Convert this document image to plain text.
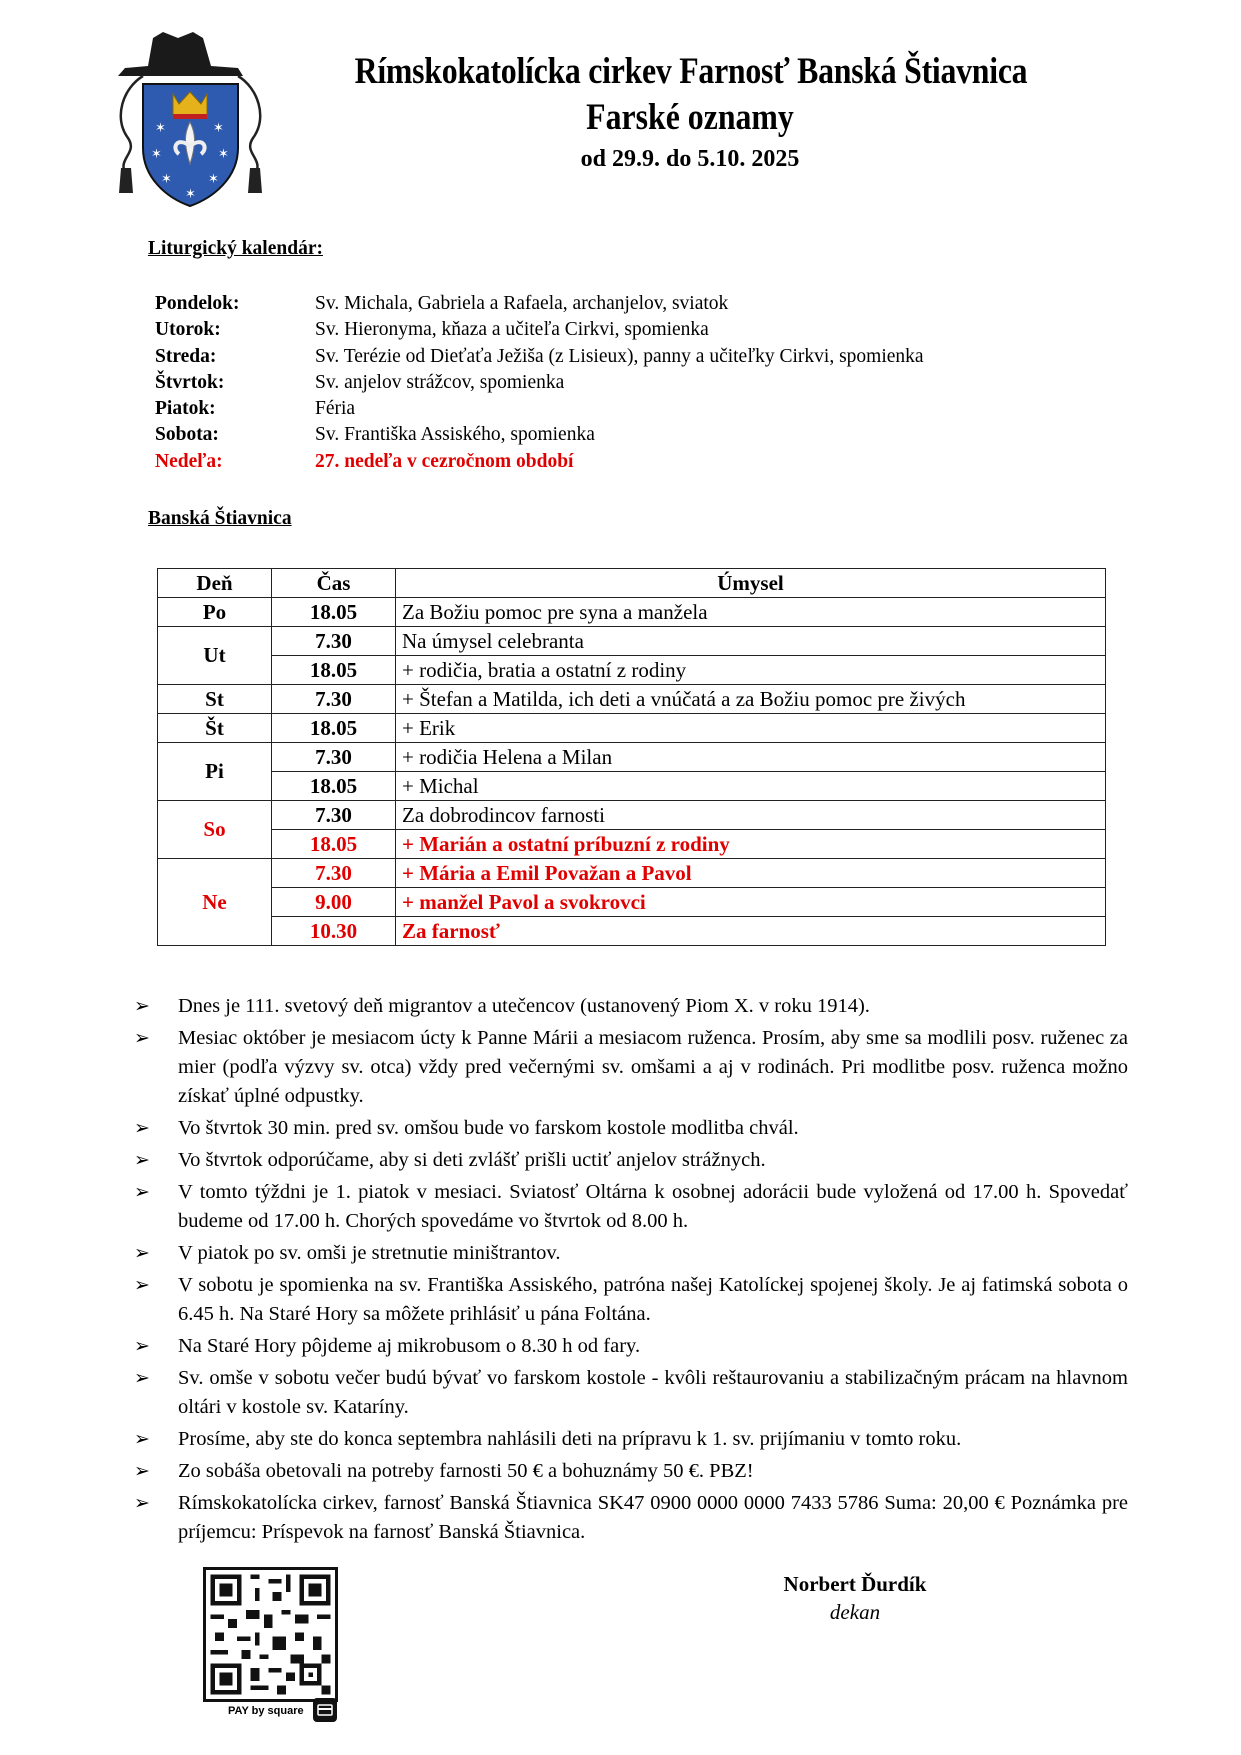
✶	✶
✶	✶
✶	✶
✶
Rímskokatolícka cirkev Farnosť Banská Štiavnica
Farské oznamy
od 29.9. do 5.10. 2025
Liturgický kalendár:
Pondelok:	Sv. Michala, Gabriela a Rafaela, archanjelov, sviatok
Utorok:	Sv. Hieronyma, kňaza a učiteľa Cirkvi, spomienka
Streda:	Sv. Terézie od Dieťaťa Ježiša (z Lisieux), panny a učiteľky Cirkvi, spomienka
Štvrtok:	Sv. anjelov strážcov, spomienka
Piatok:	Féria
Sobota:	Sv. Františka Assiského, spomienka
Nedeľa:	27. nedeľa v cezročnom období
Banská Štiavnica
Deň	Čas	Úmysel
Po	18.05	Za Božiu pomoc pre syna a manžela
Ut	7.30	Na úmysel celebranta
	18.05	+ rodičia, bratia a ostatní z rodiny
St	7.30	+ Štefan a Matilda, ich deti a vnúčatá a za Božiu pomoc pre živých
Št	18.05	+ Erik
Pi	7.30	+ rodičia Helena a Milan
	18.05	+ Michal
So	7.30	Za dobrodincov farnosti
	18.05	+ Marián a ostatní príbuzní z rodiny
Ne	7.30	+ Mária a Emil Považan a Pavol
	9.00	+ manžel Pavol a svokrovci
	10.30	Za farnosť
➢	Dnes je 111. svetový deň migrantov a utečencov (ustanovený Piom X. v roku 1914).
➢	Mesiac október je mesiacom úcty k Panne Márii a mesiacom ruženca. Prosím, aby sme sa modlili posv. ruženec za mier (podľa výzvy sv. otca) vždy pred večernými sv. omšami a aj v rodinách. Pri modlitbe posv. ruženca možno získať úplné odpustky.
➢	Vo štvrtok 30 min. pred sv. omšou bude vo farskom kostole modlitba chvál.
➢	Vo štvrtok odporúčame, aby si deti zvlášť prišli uctiť anjelov strážnych.
➢	V tomto týždni je 1. piatok v mesiaci. Sviatosť Oltárna k osobnej adorácii bude vyložená od 17.00 h. Spovedať budeme od 17.00 h. Chorých spovedáme vo štvrtok od 8.00 h.
➢	V piatok po sv. omši je stretnutie miništrantov.
➢	V sobotu je spomienka na sv. Františka Assiského, patróna našej Katolíckej spojenej školy. Je aj fatimská sobota o 6.45 h. Na Staré Hory sa môžete prihlásiť u pána Foltána.
➢	Na Staré Hory pôjdeme aj mikrobusom o 8.30 h od fary.
➢	Sv. omše v sobotu večer budú bývať vo farskom kostole - kvôli reštaurovaniu a stabilizačným prácam na hlavnom oltári v kostole sv. Kataríny.
➢	Prosíme, aby ste do konca septembra nahlásili deti na prípravu k 1. sv. prijímaniu v tomto roku.
➢	Zo sobáša obetovali na potreby farnosti 50 € a bohuznámy 50 €. PBZ!
➢	Rímskokatolícka cirkev, farnosť Banská Štiavnica SK47 0900 0000 0000 7433 5786 Suma: 20,00 € Poznámka pre príjemcu: Príspevok na farnosť Banská Štiavnica.
PAY by square
Norbert Ďurdík
dekan
